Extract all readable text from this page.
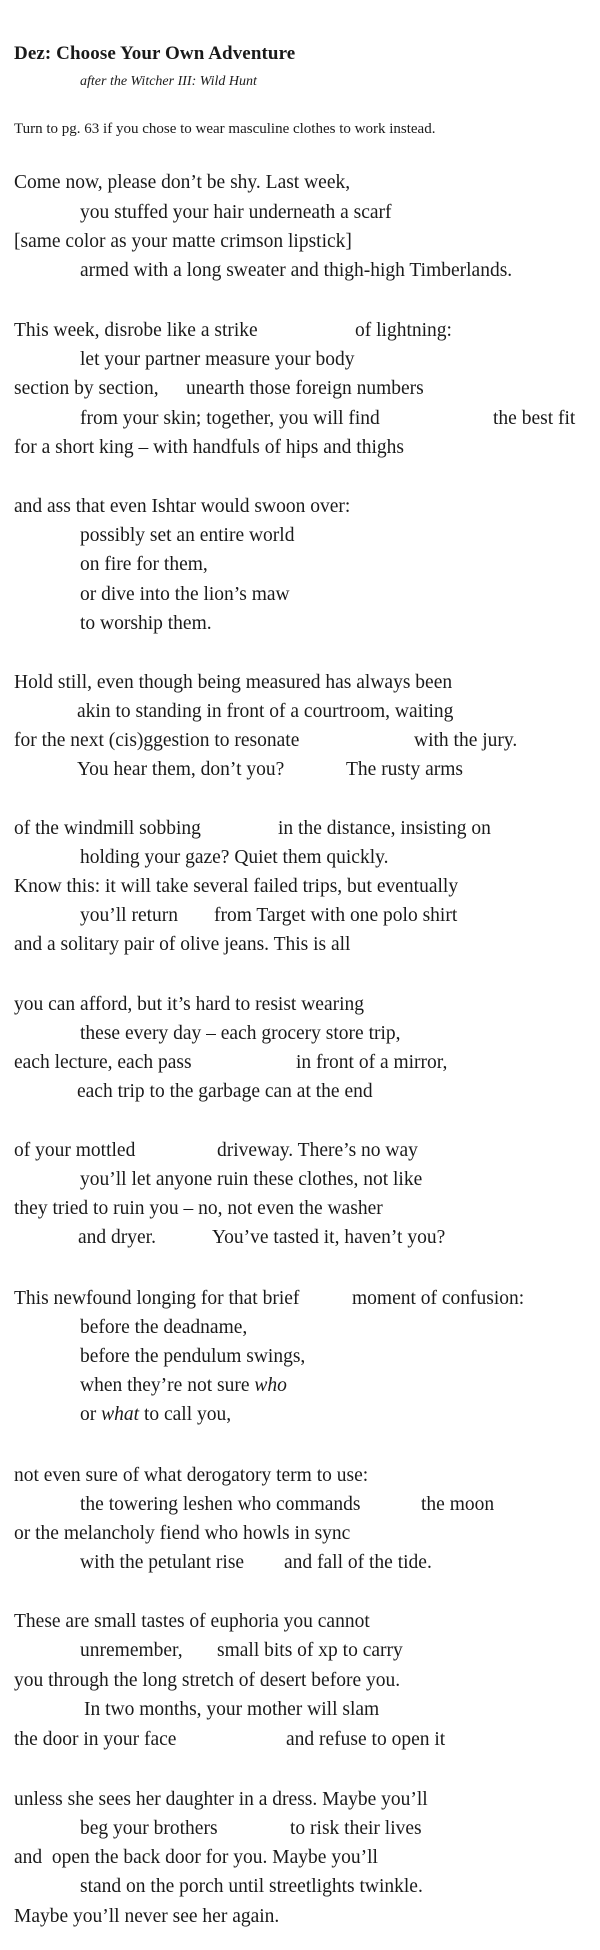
Dez: Choose Your Own Adventure
after the Witcher III: Wild Hunt
Turn to pg. 63 if you chose to wear masculine clothes to work instead.
Come now, please don’t be shy. Last week,
you stuffed your hair underneath a scarf
[same color as your matte crimson lipstick]
armed with a long sweater and thigh-high Timberlands.
This week, disrobe like a strike	of lightning:
let your partner measure your body
section by section, unearth those foreign numbers
from your skin; together, you will find	the best fit
for a short king – with handfuls of hips and thighs
and ass that even Ishtar would swoon over:
possibly set an entire world
on fire for them,
or dive into the lion’s maw
to worship them.
Hold still, even though being measured has always been
akin to standing in front of a courtroom, waiting
for the next (cis)ggestion to resonate	with the jury.
You hear them, don’t you?	The rusty arms
of the windmill sobbing	in the distance, insisting on
holding your gaze? Quiet them quickly.
Know this: it will take several failed trips, but eventually
you’ll return from Target with one polo shirt
and a solitary pair of olive jeans. This is all
you can afford, but it’s hard to resist wearing
these every day – each grocery store trip,
each lecture, each pass	in front of a mirror,
each trip to the garbage can at the end
of your mottled	driveway. There’s no way
you’ll let anyone ruin these clothes, not like
they tried to ruin you – no, not even the washer
and dryer.	You’ve tasted it, haven’t you?
This newfound longing for that brief	moment of confusion:
before the deadname,
before the pendulum swings,
when they’re not sure who
or what to call you,
not even sure of what derogatory term to use:
the towering leshen who commands	the moon
or the melancholy fiend who howls in sync
with the petulant rise and fall of the tide.
These are small tastes of euphoria you cannot
unremember, small bits of xp to carry
you through the long stretch of desert before you.
In two months, your mother will slam
the door in your face	and refuse to open it
unless she sees her daughter in a dress. Maybe you’ll
beg your brothers	to risk their lives
and  open the back door for you. Maybe you’ll
stand on the porch until streetlights twinkle.
Maybe you’ll never see her again.
